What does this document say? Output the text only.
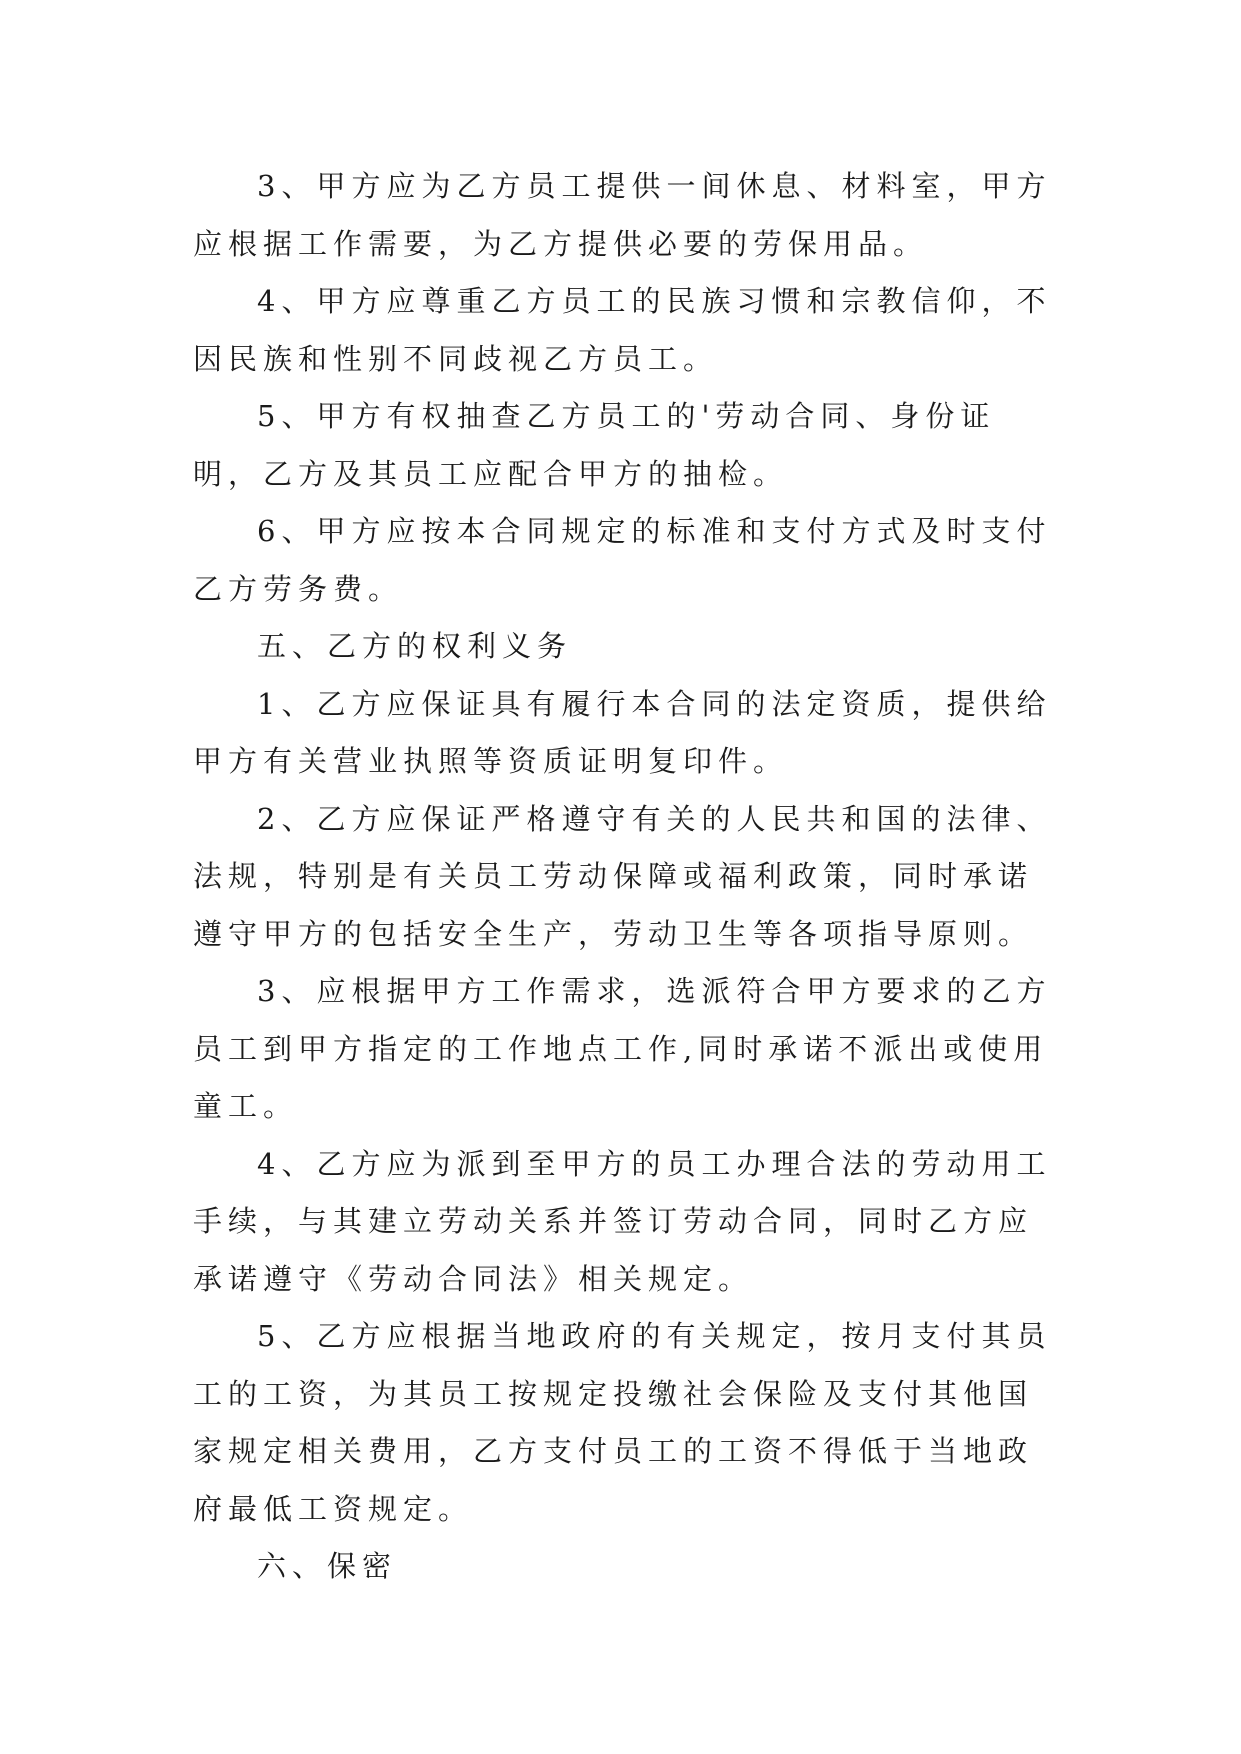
3、甲方应为乙方员工提供一间休息、材料室，甲方应根据工作需要，为乙方提供必要的劳保用品。

4、甲方应尊重乙方员工的民族习惯和宗教信仰，不因民族和性别不同歧视乙方员工。

5、甲方有权抽查乙方员工的'劳动合同、身份证明，乙方及其员工应配合甲方的抽检。

6、甲方应按本合同规定的标准和支付方式及时支付乙方劳务费。

五、乙方的权利义务

1、乙方应保证具有履行本合同的法定资质，提供给甲方有关营业执照等资质证明复印件。

2、乙方应保证严格遵守有关的人民共和国的法律、法规，特别是有关员工劳动保障或福利政策，同时承诺遵守甲方的包括安全生产，劳动卫生等各项指导原则。

3、应根据甲方工作需求，选派符合甲方要求的乙方员工到甲方指定的工作地点工作,同时承诺不派出或使用童工。

4、乙方应为派到至甲方的员工办理合法的劳动用工手续，与其建立劳动关系并签订劳动合同，同时乙方应承诺遵守《劳动合同法》相关规定。

5、乙方应根据当地政府的有关规定，按月支付其员工的工资，为其员工按规定投缴社会保险及支付其他国家规定相关费用，乙方支付员工的工资不得低于当地政府最低工资规定。

六、保密
